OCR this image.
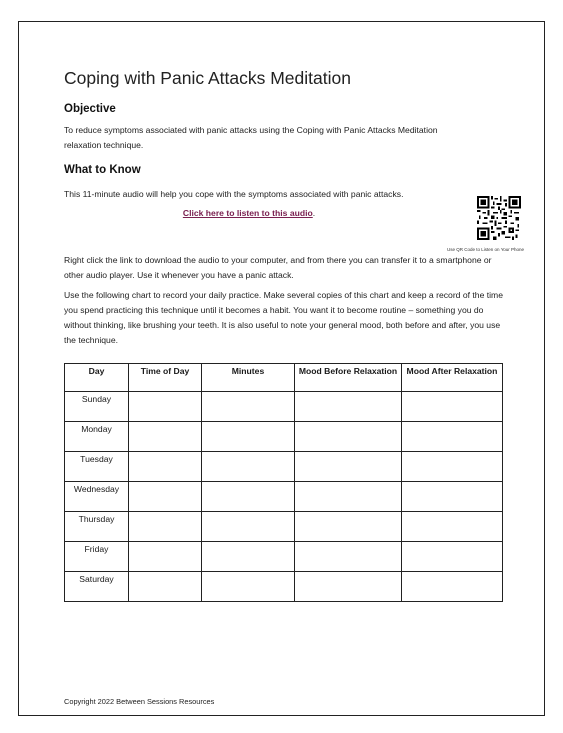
Coping with Panic Attacks Meditation
Objective

To reduce symptoms associated with panic attacks using the Coping with Panic Attacks Meditation relaxation technique.

What to Know

This 11-minute audio will help you cope with the symptoms associated with panic attacks.

Click here to listen to this audio.
Use QR Code to Listen on Your Phone

Right click the link to download the audio to your computer, and from there you can transfer it to a smartphone or other audio player. Use it whenever you have a panic attack.

Use the following chart to record your daily practice. Make several copies of this chart and keep a record of the time you spend practicing this technique until it becomes a habit. You want it to become routine – something you do without thinking, like brushing your teeth. It is also useful to note your general mood, both before and after, you use the technique.

Day	Time of Day	Minutes	Mood Before Relaxation	Mood After Relaxation
Sunday				
Monday				
Tuesday				
Wednesday				
Thursday				
Friday				
Saturday				
Copyright 2022 Between Sessions Resources
